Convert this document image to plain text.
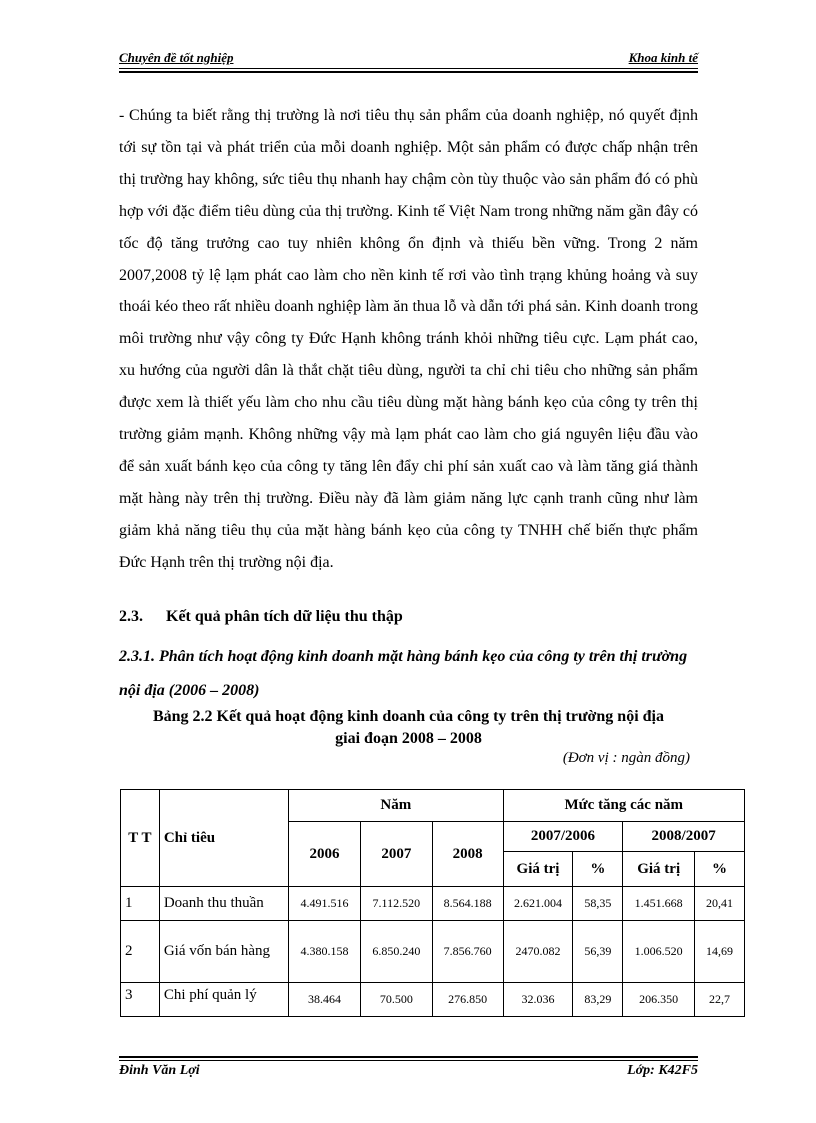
Chuyên đề tốt nghiệp	Khoa kinh tế
- Chúng ta biết rằng thị trường là nơi tiêu thụ sản phẩm của doanh nghiệp, nó quyết định tới sự tồn tại và phát triển của mỗi doanh nghiệp. Một sản phẩm có được chấp nhận trên thị trường hay không, sức tiêu thụ nhanh hay chậm còn tùy thuộc vào sản phẩm đó có phù hợp với đặc điểm tiêu dùng của thị trường. Kinh tế Việt Nam trong những năm gần đây có tốc độ tăng trưởng cao tuy nhiên không ổn định và thiếu bền vững. Trong 2 năm 2007,2008 tỷ lệ lạm phát cao làm cho nền kinh tế rơi vào tình trạng khủng hoảng và suy thoái kéo theo rất nhiều doanh nghiệp làm ăn thua lỗ và dẫn tới phá sản. Kinh doanh trong môi trường như vậy công ty Đức Hạnh không tránh khỏi những tiêu cực. Lạm phát cao, xu hướng của người dân là thắt chặt tiêu dùng, người ta chỉ chi tiêu cho những sản phẩm được xem là thiết yếu làm cho nhu cầu tiêu dùng mặt hàng bánh kẹo của công ty trên thị trường giảm mạnh. Không những vậy mà lạm phát cao làm cho giá nguyên liệu đầu vào để sản xuất bánh kẹo của công ty tăng lên đẩy chi phí sản xuất cao và làm tăng giá thành mặt hàng này trên thị trường. Điều này đã làm giảm năng lực cạnh tranh cũng như làm giảm khả năng tiêu thụ của mặt hàng bánh kẹo của công ty TNHH chế biến thực phẩm Đức Hạnh trên thị trường nội địa.
2.3. Kết quả phân tích dữ liệu thu thập
2.3.1. Phân tích hoạt động kinh doanh mặt hàng bánh kẹo của công ty trên thị trường nội địa (2006 – 2008)
Bảng 2.2 Kết quả hoạt động kinh doanh của công ty trên thị trường nội địa
giai đoạn 2008 – 2008
(Đơn vị : ngàn đồng)
T T	Chỉ tiêu	Năm			Mức tăng các năm			
		2006	2007	2008	2007/2006		2008/2007	
					Giá trị	%	Giá trị	%
1	Doanh thu thuần	4.491.516	7.112.520	8.564.188	2.621.004	58,35	1.451.668	20,41
2	Giá vốn bán hàng	4.380.158	6.850.240	7.856.760	2470.082	56,39	1.006.520	14,69
3	Chi phí quản lý	38.464	70.500	276.850	32.036	83,29	206.350	22,7
Đinh Văn Lợi	Lớp: K42F5
